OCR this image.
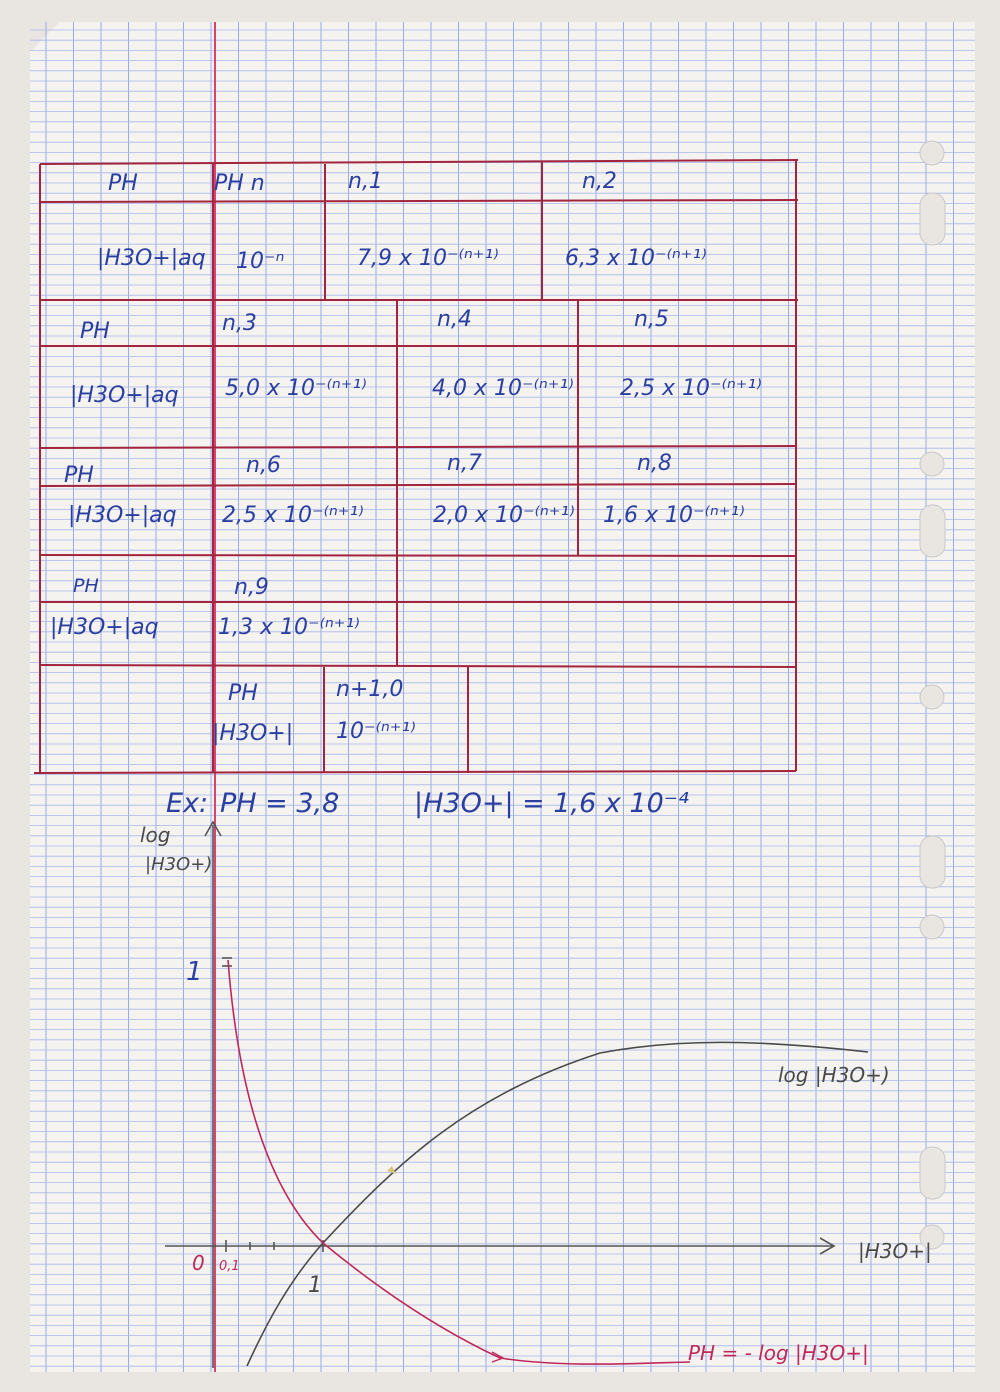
PH
|H3O+|aq
PH n
10⁻ⁿ
n,1
7,9 x 10⁻⁽ⁿ⁺¹⁾
n,2
6,3 x 10⁻⁽ⁿ⁺¹⁾
PH
|H3O+|aq
n,3
5,0 x 10⁻⁽ⁿ⁺¹⁾
n,4
4,0 x 10⁻⁽ⁿ⁺¹⁾
n,5
2,5 x 10⁻⁽ⁿ⁺¹⁾
PH
|H3O+|aq
n,6
2,5 x 10⁻⁽ⁿ⁺¹⁾
n,7
2,0 x 10⁻⁽ⁿ⁺¹⁾
n,8
1,6 x 10⁻⁽ⁿ⁺¹⁾
PH
|H3O+|aq
n,9
1,3 x 10⁻⁽ⁿ⁺¹⁾
PH
|H3O+|
n+1,0
10⁻⁽ⁿ⁺¹⁾
Ex: PH = 3,8	|H3O+| = 1,6 x 10⁻⁴
log
|H3O+)
|H3O+|
log |H3O+)
1
1
0 0,1
PH = - log |H3O+|
